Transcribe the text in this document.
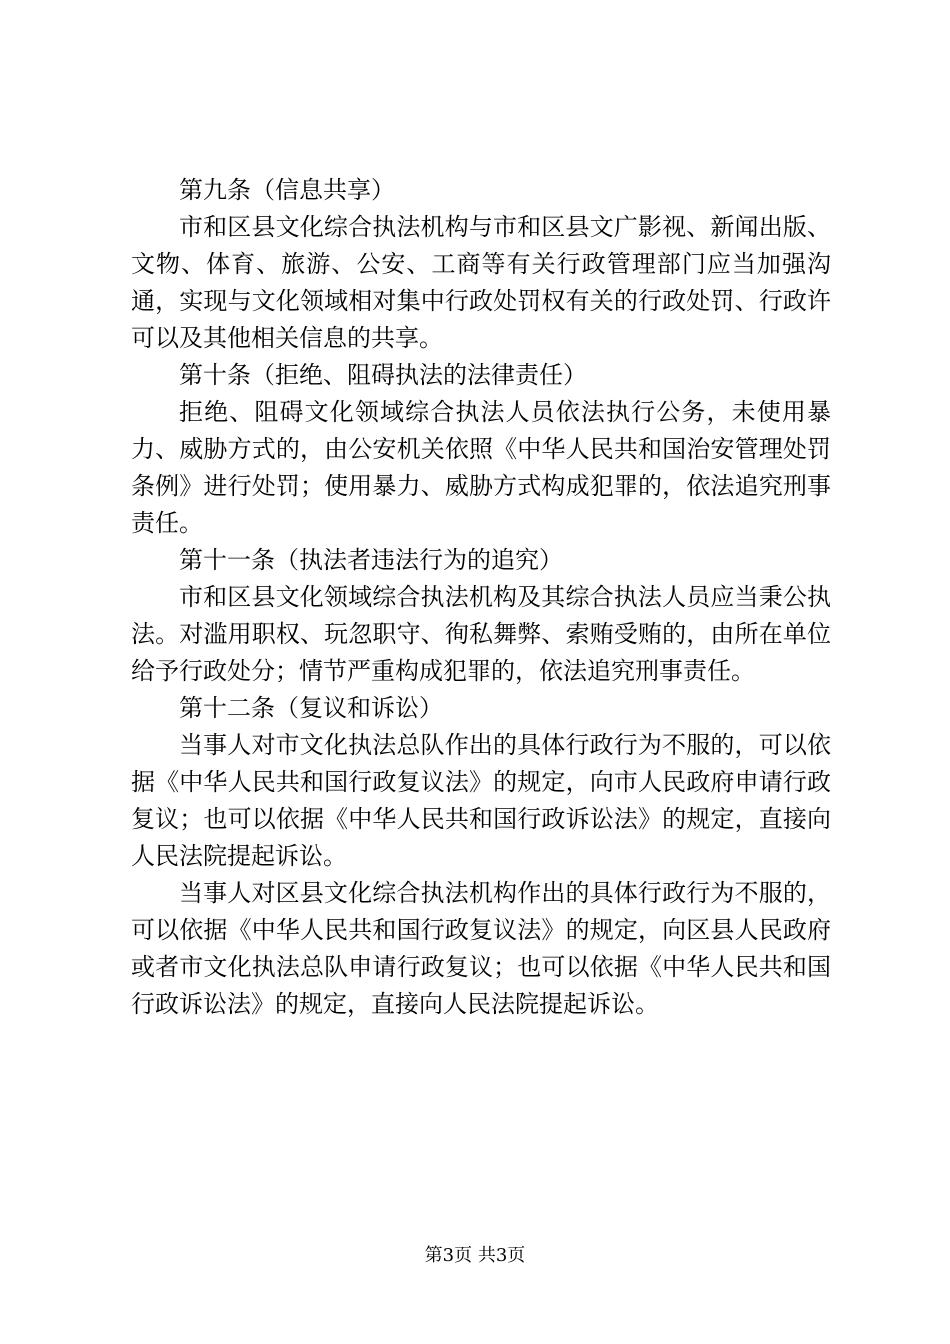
第九条（信息共享）

市和区县文化综合执法机构与市和区县文广影视、新闻出版、文物、体育、旅游、公安、工商等有关行政管理部门应当加强沟通，实现与文化领域相对集中行政处罚权有关的行政处罚、行政许可以及其他相关信息的共享。

第十条（拒绝、阻碍执法的法律责任）

拒绝、阻碍文化领域综合执法人员依法执行公务，未使用暴力、威胁方式的，由公安机关依照《中华人民共和国治安管理处罚条例》进行处罚；使用暴力、威胁方式构成犯罪的，依法追究刑事责任。

第十一条（执法者违法行为的追究）

市和区县文化领域综合执法机构及其综合执法人员应当秉公执法。对滥用职权、玩忽职守、徇私舞弊、索贿受贿的，由所在单位给予行政处分；情节严重构成犯罪的，依法追究刑事责任。

第十二条（复议和诉讼）

当事人对市文化执法总队作出的具体行政行为不服的，可以依据《中华人民共和国行政复议法》的规定，向市人民政府申请行政复议；也可以依据《中华人民共和国行政诉讼法》的规定，直接向人民法院提起诉讼。

当事人对区县文化综合执法机构作出的具体行政行为不服的，可以依据《中华人民共和国行政复议法》的规定，向区县人民政府或者市文化执法总队申请行政复议；也可以依据《中华人民共和国行政诉讼法》的规定，直接向人民法院提起诉讼。

第3页 共3页
